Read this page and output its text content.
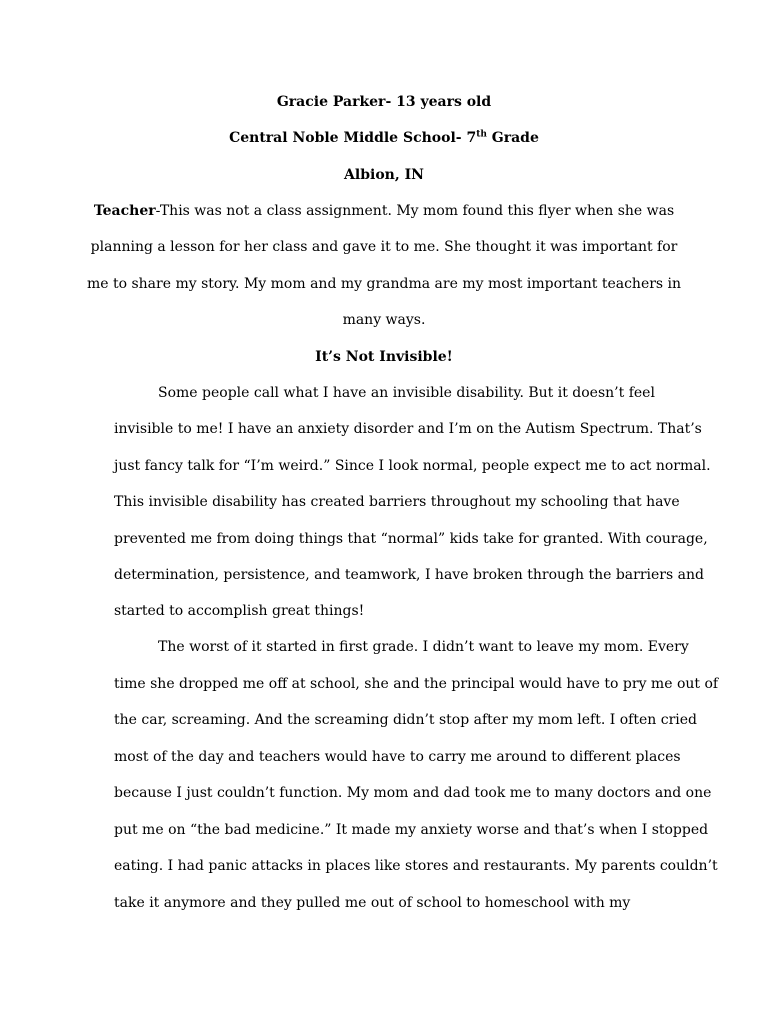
Gracie Parker- 13 years old
Central Noble Middle School- 7th Grade
Albion, IN
Teacher-This was not a class assignment. My mom found this flyer when she was
planning a lesson for her class and gave it to me. She thought it was important for
me to share my story. My mom and my grandma are my most important teachers in
many ways.
It’s Not Invisible!
Some people call what I have an invisible disability. But it doesn’t feel
invisible to me! I have an anxiety disorder and I’m on the Autism Spectrum. That’s
just fancy talk for “I’m weird.” Since I look normal, people expect me to act normal.
This invisible disability has created barriers throughout my schooling that have
prevented me from doing things that “normal” kids take for granted. With courage,
determination, persistence, and teamwork, I have broken through the barriers and
started to accomplish great things!
The worst of it started in first grade. I didn’t want to leave my mom. Every
time she dropped me off at school, she and the principal would have to pry me out of
the car, screaming. And the screaming didn’t stop after my mom left. I often cried
most of the day and teachers would have to carry me around to different places
because I just couldn’t function. My mom and dad took me to many doctors and one
put me on “the bad medicine.” It made my anxiety worse and that’s when I stopped
eating. I had panic attacks in places like stores and restaurants. My parents couldn’t
take it anymore and they pulled me out of school to homeschool with my
